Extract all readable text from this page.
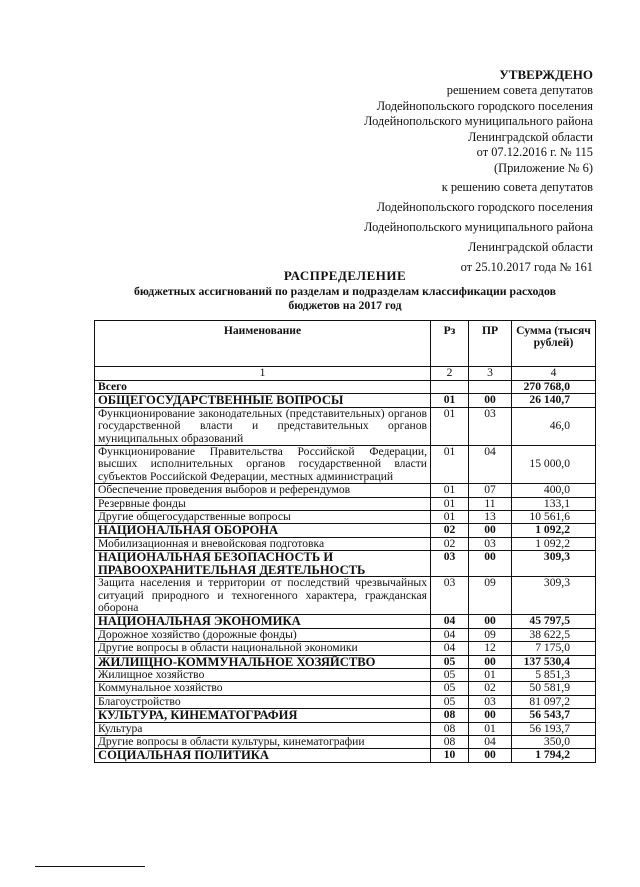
УТВЕРЖДЕНО
решением совета депутатов
Лодейнопольского городского поселения
Лодейнопольского муниципального района
Ленинградской области
от 07.12.2016 г. № 115
(Приложение № 6)
к решению совета депутатов
Лодейнопольского городского поселения
Лодейнопольского муниципального района
Ленинградской области
от 25.10.2017 года № 161
РАСПРЕДЕЛЕНИЕ
бюджетных ассигнований по разделам и подразделам классификации расходов
бюджетов на 2017 год
Наименование	Рз	ПР	Сумма (тысяч рублей)
1	2	3	4
Всего			270 768,0
ОБЩЕГОСУДАРСТВЕННЫЕ ВОПРОСЫ	01	00	26 140,7
Функционирование законодательных (представительных) органов государственной власти и представительных органов муниципальных образований	01	03	46,0
Функционирование Правительства Российской Федерации, высших исполнительных органов государственной власти субъектов Российской Федерации, местных администраций	01	04	15 000,0
Обеспечение проведения выборов и референдумов	01	07	400,0
Резервные фонды	01	11	133,1
Другие общегосударственные вопросы	01	13	10 561,6
НАЦИОНАЛЬНАЯ ОБОРОНА	02	00	1 092,2
Мобилизационная и вневойсковая подготовка	02	03	1 092,2
НАЦИОНАЛЬНАЯ БЕЗОПАСНОСТЬ И ПРАВООХРАНИТЕЛЬНАЯ ДЕЯТЕЛЬНОСТЬ	03	00	309,3
Защита населения и территории от последствий чрезвычайных ситуаций природного и техногенного характера, гражданская оборона	03	09	309,3
НАЦИОНАЛЬНАЯ ЭКОНОМИКА	04	00	45 797,5
Дорожное хозяйство (дорожные фонды)	04	09	38 622,5
Другие вопросы в области национальной экономики	04	12	7 175,0
ЖИЛИЩНО-КОММУНАЛЬНОЕ ХОЗЯЙСТВО	05	00	137 530,4
Жилищное хозяйство	05	01	5 851,3
Коммунальное хозяйство	05	02	50 581,9
Благоустройство	05	03	81 097,2
КУЛЬТУРА, КИНЕМАТОГРАФИЯ	08	00	56 543,7
Культура	08	01	56 193,7
Другие вопросы в области культуры, кинематографии	08	04	350,0
СОЦИАЛЬНАЯ ПОЛИТИКА	10	00	1 794,2
